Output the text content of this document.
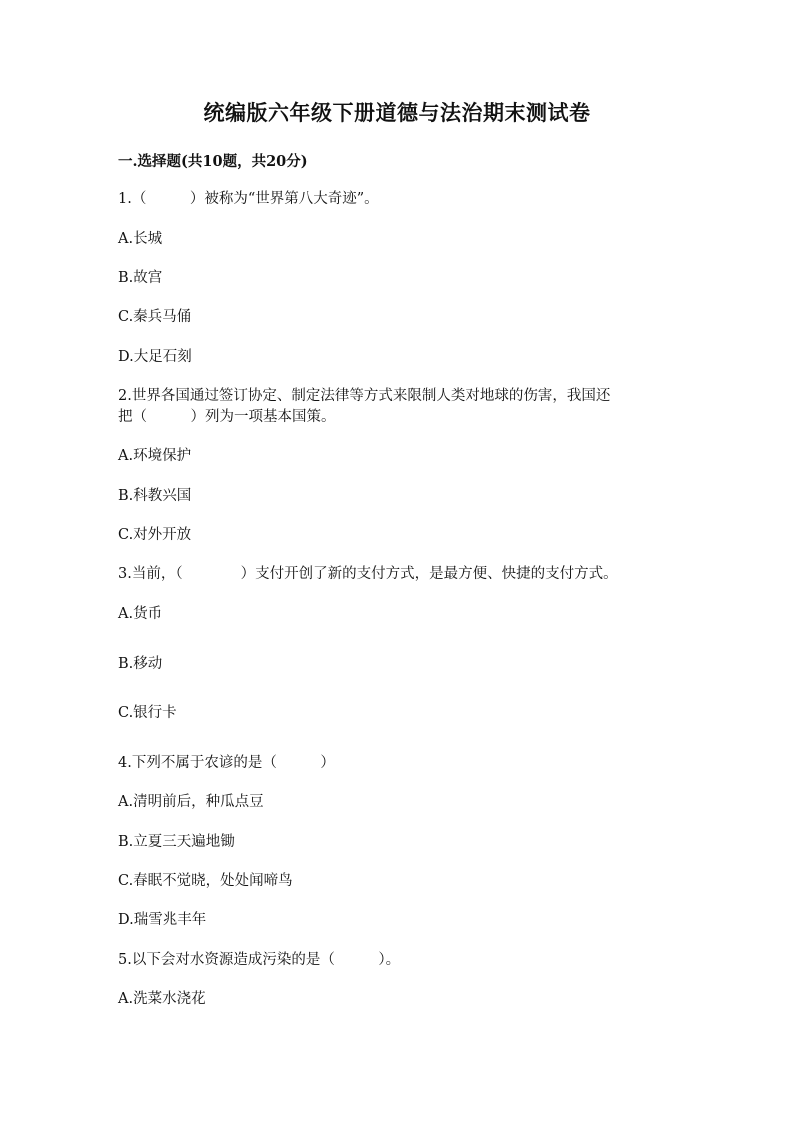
统编版六年级下册道德与法治期末测试卷
一.选择题(共10题，共20分)
1.（　　　）被称为“世界第八大奇迹”。
A.长城
B.故宫
C.秦兵马俑
D.大足石刻
2.世界各国通过签订协定、制定法律等方式来限制人类对地球的伤害，我国还
把（　　　）列为一项基本国策。
A.环境保护
B.科教兴国
C.对外开放
3.当前，（　　　　）支付开创了新的支付方式，是最方便、快捷的支付方式。
A.货币
B.移动
C.银行卡
4.下列不属于农谚的是（　　　）
A.清明前后，种瓜点豆
B.立夏三天遍地锄
C.春眠不觉晓，处处闻啼鸟
D.瑞雪兆丰年
5.以下会对水资源造成污染的是（　　　）。
A.洗菜水浇花
